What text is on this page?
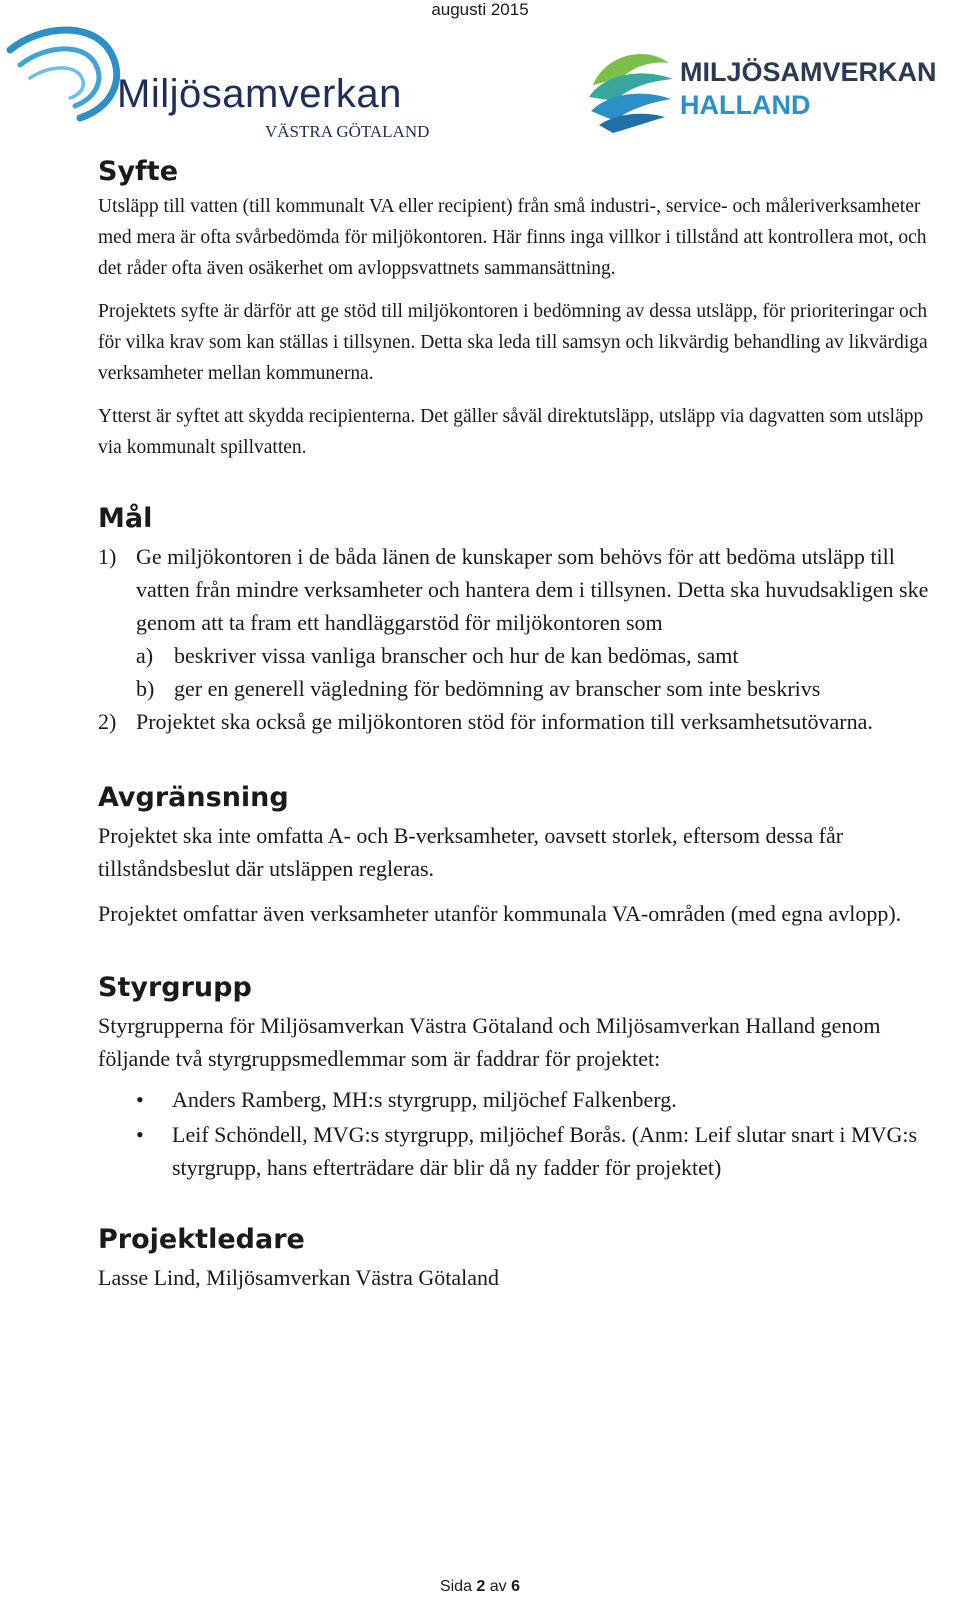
augusti 2015
Miljösamverkan
VÄSTRA GÖTALAND
MILJÖSAMVERKAN
HALLAND
Syfte

Utsläpp till vatten (till kommunalt VA eller recipient) från små industri-, service- och måleriverksamheter med mera är ofta svårbedömda för miljökontoren. Här finns inga villkor i tillstånd att kontrollera mot, och det råder ofta även osäkerhet om avloppsvattnets sammansättning.

Projektets syfte är därför att ge stöd till miljökontoren i bedömning av dessa utsläpp, för prioriteringar och för vilka krav som kan ställas i tillsynen. Detta ska leda till samsyn och likvärdig behandling av likvärdiga verksamheter mellan kommunerna.

Ytterst är syftet att skydda recipienterna. Det gäller såväl direktutsläpp, utsläpp via dagvatten som utsläpp via kommunalt spillvatten.

Mål
1) Ge miljökontoren i de båda länen de kunskaper som behövs för att bedöma utsläpp till vatten från mindre verksamheter och hantera dem i tillsynen. Detta ska huvudsakligen ske genom att ta fram ett handläggarstöd för miljökontoren som
a) beskriver vissa vanliga branscher och hur de kan bedömas, samt
b) ger en generell vägledning för bedömning av branscher som inte beskrivs
2) Projektet ska också ge miljökontoren stöd för information till verksamhetsutövarna.
Avgränsning

Projektet ska inte omfatta A- och B-verksamheter, oavsett storlek, eftersom dessa får tillståndsbeslut där utsläppen regleras.

Projektet omfattar även verksamheter utanför kommunala VA-områden (med egna avlopp).

Styrgrupp

Styrgrupperna för Miljösamverkan Västra Götaland och Miljösamverkan Halland genom följande två styrgruppsmedlemmar som är faddrar för projektet:

• Anders Ramberg, MH:s styrgrupp, miljöchef Falkenberg.
• Leif Schöndell, MVG:s styrgrupp, miljöchef Borås. (Anm: Leif slutar snart i MVG:s styrgrupp, hans efterträdare där blir då ny fadder för projektet)
Projektledare

Lasse Lind, Miljösamverkan Västra Götaland

Sida 2 av 6
